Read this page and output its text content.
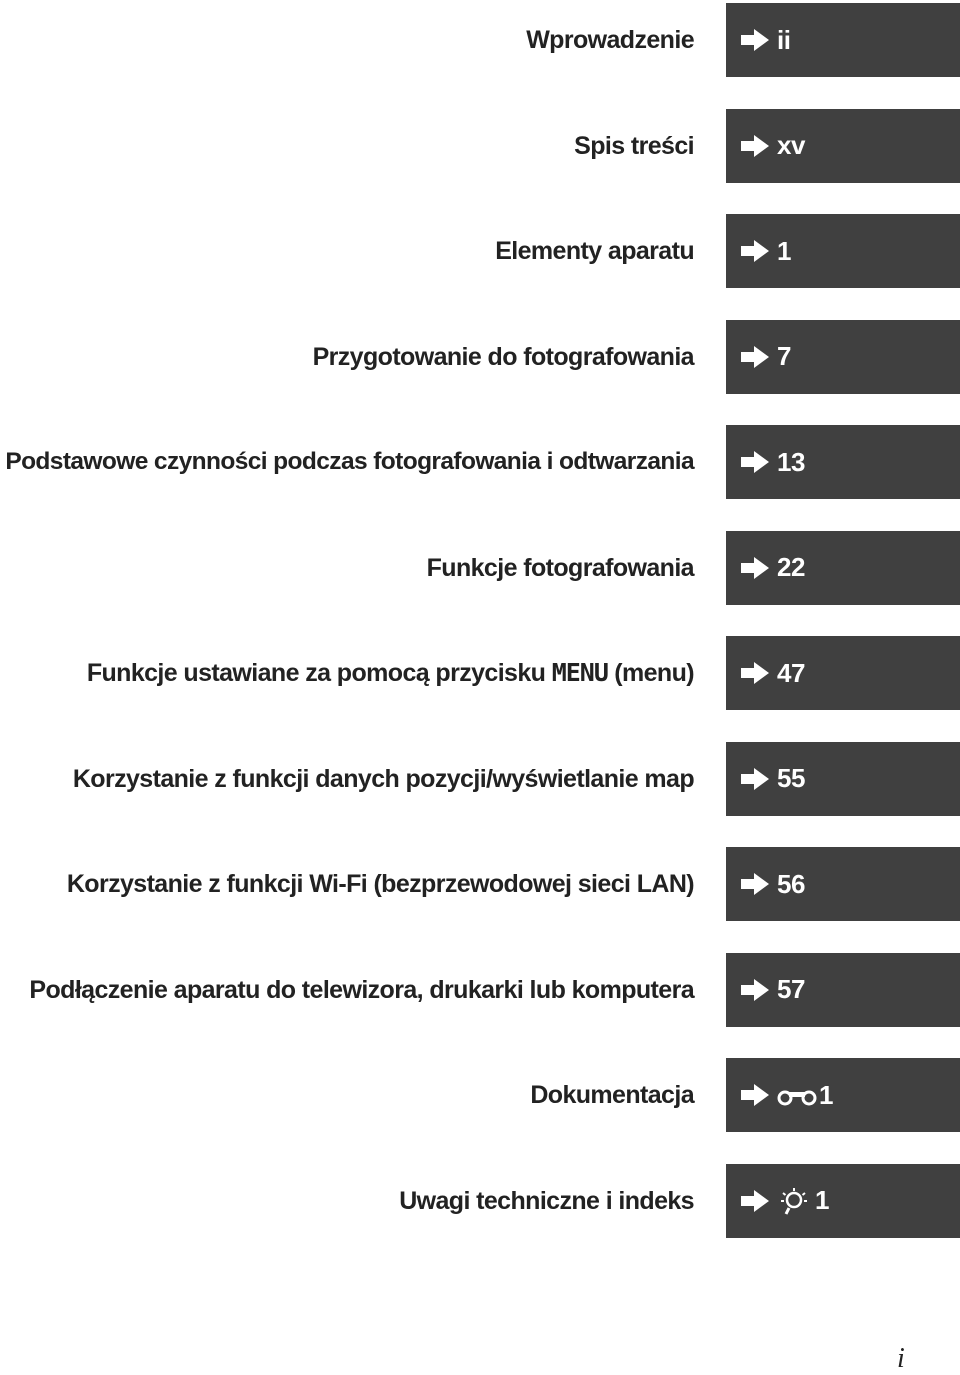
Wprowadzenie	ii
Spis treści	xv
Elementy aparatu	1
Przygotowanie do fotografowania	7
Podstawowe czynności podczas fotografowania i odtwarzania	13
Funkcje fotografowania	22
Funkcje ustawiane za pomocą przycisku MENU (menu)	47
Korzystanie z funkcji danych pozycji/wyświetlanie map	55
Korzystanie z funkcji Wi-Fi (bezprzewodowej sieci LAN)	56
Podłączenie aparatu do telewizora, drukarki lub komputera	57
Dokumentacja	1
Uwagi techniczne i indeks	1
i
